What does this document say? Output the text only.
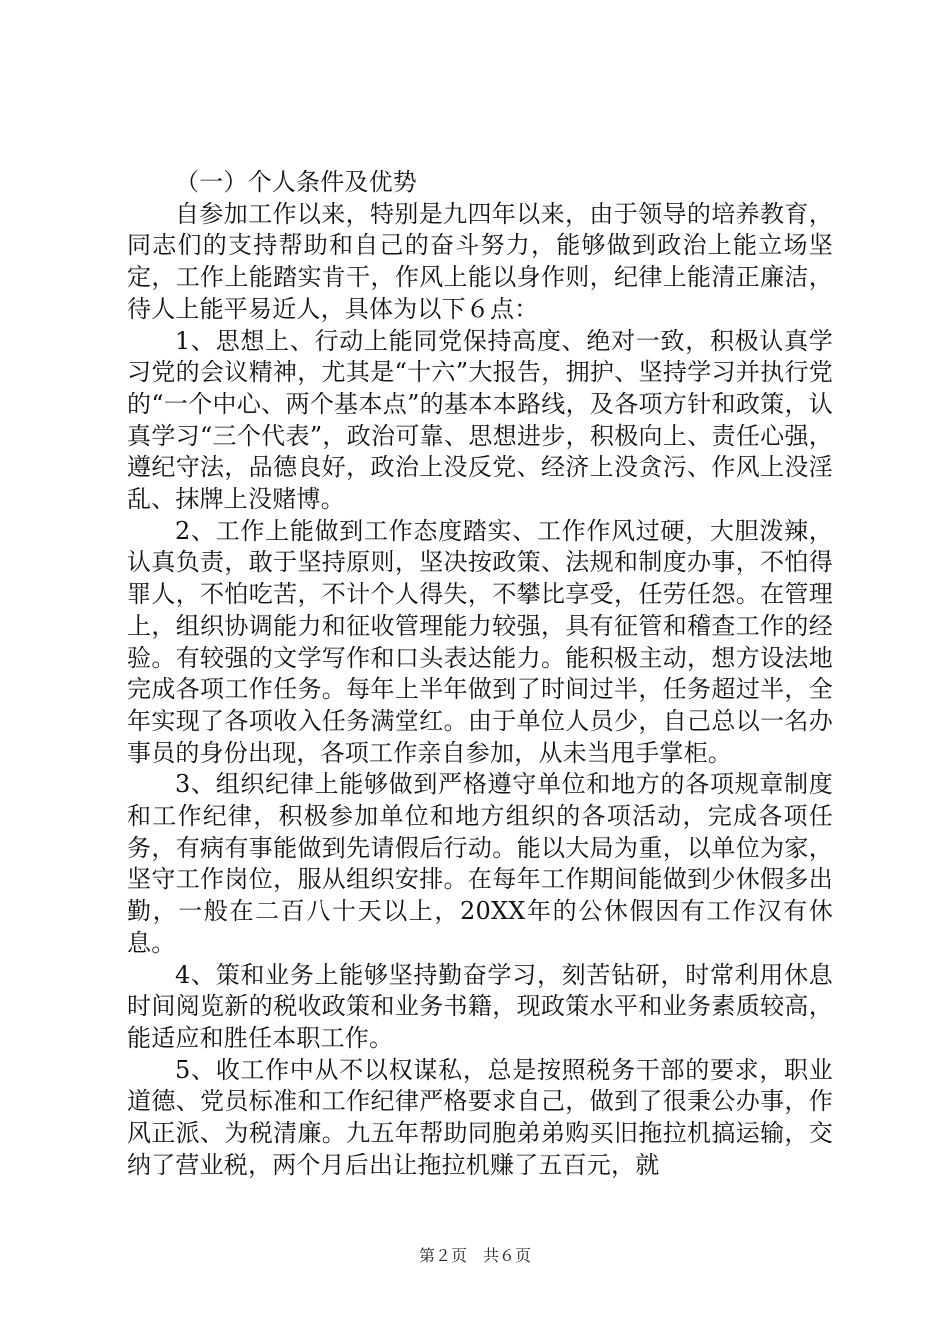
（一）个人条件及优势

自参加工作以来，特别是九四年以来，由于领导的培养教育，同志们的支持帮助和自己的奋斗努力，能够做到政治上能立场坚定，工作上能踏实肯干，作风上能以身作则，纪律上能清正廉洁，待人上能平易近人，具体为以下６点：

1、思想上、行动上能同党保持高度、绝对一致，积极认真学习党的会议精神，尤其是“十六”大报告，拥护、坚持学习并执行党的“一个中心、两个基本点”的基本本路线，及各项方针和政策，认真学习“三个代表”，政治可靠、思想进步，积极向上、责任心强，遵纪守法，品德良好，政治上没反党、经济上没贪污、作风上没淫乱、抹牌上没赌博。

2、工作上能做到工作态度踏实、工作作风过硬，大胆泼辣，认真负责，敢于坚持原则，坚决按政策、法规和制度办事，不怕得罪人，不怕吃苦，不计个人得失，不攀比享受，任劳任怨。在管理上，组织协调能力和征收管理能力较强，具有征管和稽查工作的经验。有较强的文学写作和口头表达能力。能积极主动，想方设法地完成各项工作任务。每年上半年做到了时间过半，任务超过半，全年实现了各项收入任务满堂红。由于单位人员少，自己总以一名办事员的身份出现，各项工作亲自参加，从未当甩手掌柜。

3、组织纪律上能够做到严格遵守单位和地方的各项规章制度和工作纪律，积极参加单位和地方组织的各项活动，完成各项任务，有病有事能做到先请假后行动。能以大局为重，以单位为家，坚守工作岗位，服从组织安排。在每年工作期间能做到少休假多出勤，一般在二百八十天以上，20XX年的公休假因有工作汉有休息。

4、策和业务上能够坚持勤奋学习，刻苦钻研，时常利用休息时间阅览新的税收政策和业务书籍，现政策水平和业务素质较高，能适应和胜任本职工作。

5、收工作中从不以权谋私，总是按照税务干部的要求，职业道德、党员标准和工作纪律严格要求自己，做到了很秉公办事，作风正派、为税清廉。九五年帮助同胞弟弟购买旧拖拉机搞运输，交纳了营业税，两个月后出让拖拉机赚了五百元，就

第２页　共６页
